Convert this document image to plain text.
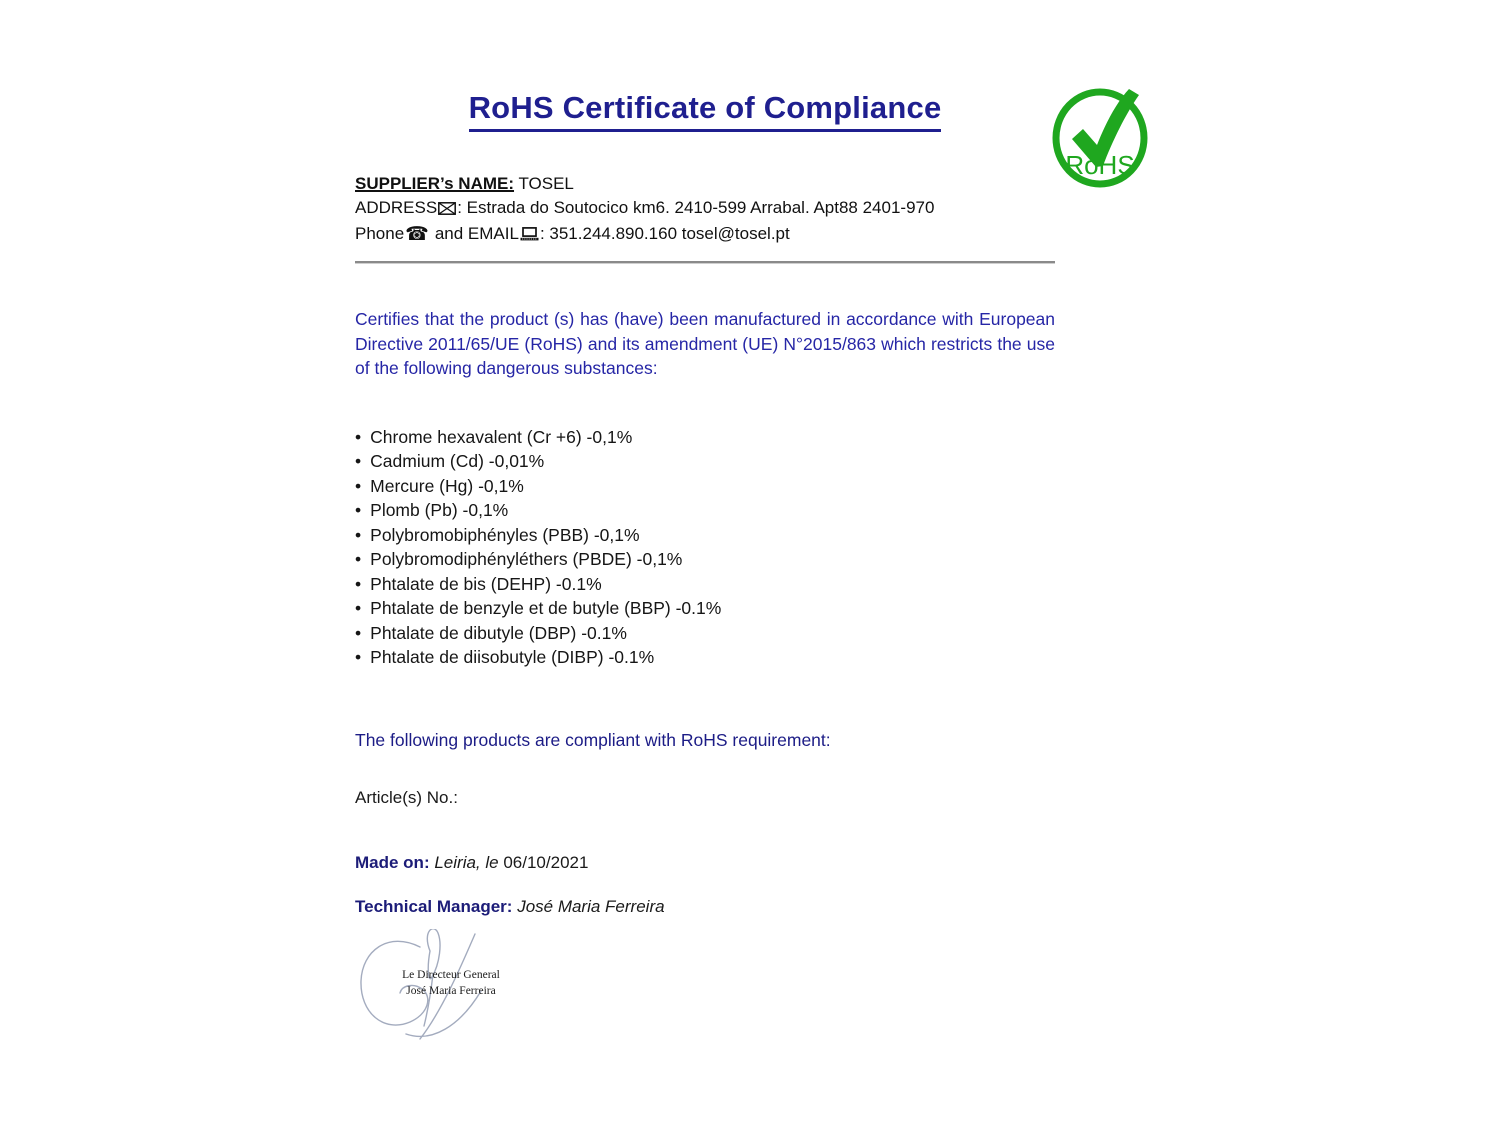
RoHS Certificate of Compliance
SUPPLIER’s NAME: TOSEL
ADDRESS : Estrada do Soutocico km6. 2410-599 Arrabal. Apt88 2401-970
Phone☎ and EMAIL : 351.244.890.160 tosel@tosel.pt

Certifies that the product (s) has (have) been manufactured in accordance with European Directive 2011/65/UE (RoHS) and its amendment (UE) N°2015/863 which restricts the use of the following dangerous substances:

• Chrome hexavalent (Cr +6) -0,1%
• Cadmium (Cd) -0,01%
• Mercure (Hg) -0,1%
• Plomb (Pb) -0,1%
• Polybromobiphényles (PBB) -0,1%
• Polybromodiphényléthers (PBDE) -0,1%
• Phtalate de bis (DEHP) -0.1%
• Phtalate de benzyle et de butyle (BBP) -0.1%
• Phtalate de dibutyle (DBP) -0.1%
• Phtalate de diisobutyle (DIBP) -0.1%
The following products are compliant with RoHS requirement:
Article(s) No.:
Made on: Leiria, le 06/10/2021
Technical Manager: José Maria Ferreira
Le Directeur General
José Maria Ferreira
RoHS
